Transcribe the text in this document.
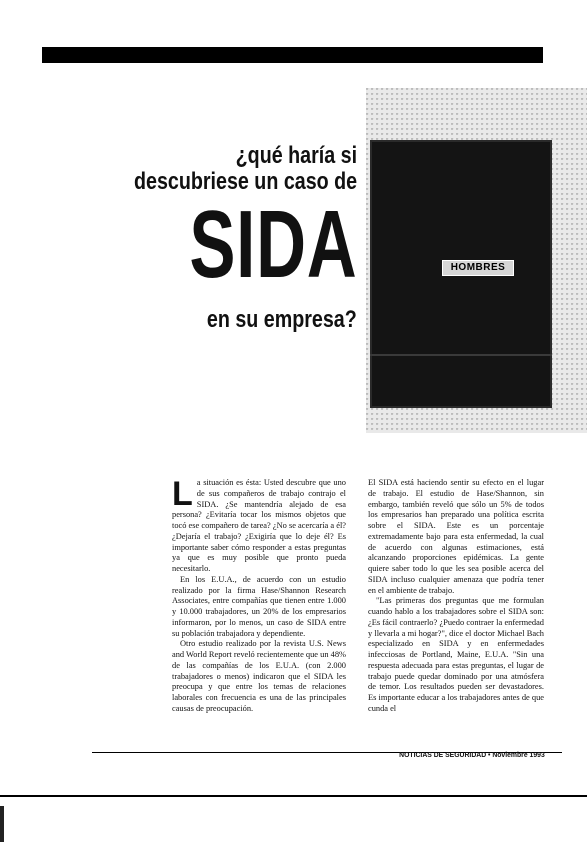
HOMBRES
¿qué haría si
descubriese un caso de
SIDA
en su empresa?
L a situación es ésta: Usted descubre que uno de sus compañeros de trabajo contrajo el SIDA. ¿Se mantendría alejado de esa persona? ¿Evitaría tocar los mismos objetos que tocó ese compañero de tarea? ¿No se acercaría a él? ¿Dejaría el trabajo? ¿Exigiría que lo deje él? Es importante saber cómo responder a estas preguntas ya que es muy posible que pronto pueda necesitarlo.

En los E.U.A., de acuerdo con un estudio realizado por la firma Hase/Shannon Research Associates, entre compañías que tienen entre 1.000 y 10.000 trabajadores, un 20% de los empresarios informaron, por lo menos, un caso de SIDA entre su población trabajadora y dependiente.

Otro estudio realizado por la revista U.S. News and World Report reveló recientemente que un 48% de las compañías de los E.U.A. (con 2.000 trabajadores o menos) indicaron que el SIDA les preocupa y que entre los temas de relaciones laborales con frecuencia es una de las principales causas de preocupación.

El SIDA está haciendo sentir su efecto en el lugar de trabajo. El estudio de Hase/Shannon, sin embargo, también reveló que sólo un 5% de todos los empresarios han preparado una política escrita sobre el SIDA. Este es un porcentaje extremadamente bajo para esta enfermedad, la cual de acuerdo con algunas estimaciones, está alcanzando proporciones epidémicas. La gente quiere saber todo lo que les sea posible acerca del SIDA incluso cualquier amenaza que podría tener en el ambiente de trabajo.

"Las primeras dos preguntas que me formulan cuando hablo a los trabajadores sobre el SIDA son: ¿Es fácil contraerlo? ¿Puedo contraer la enfermedad y llevarla a mi hogar?", dice el doctor Michael Bach especializado en SIDA y en enfermedades infecciosas de Portland, Maine, E.U.A. "Sin una respuesta adecuada para estas preguntas, el lugar de trabajo puede quedar dominado por una atmósfera de temor. Los resultados pueden ser devastadores. Es importante educar a los trabajadores antes de que cunda el

NOTICIAS DE SEGURIDAD • Noviembre 1993
